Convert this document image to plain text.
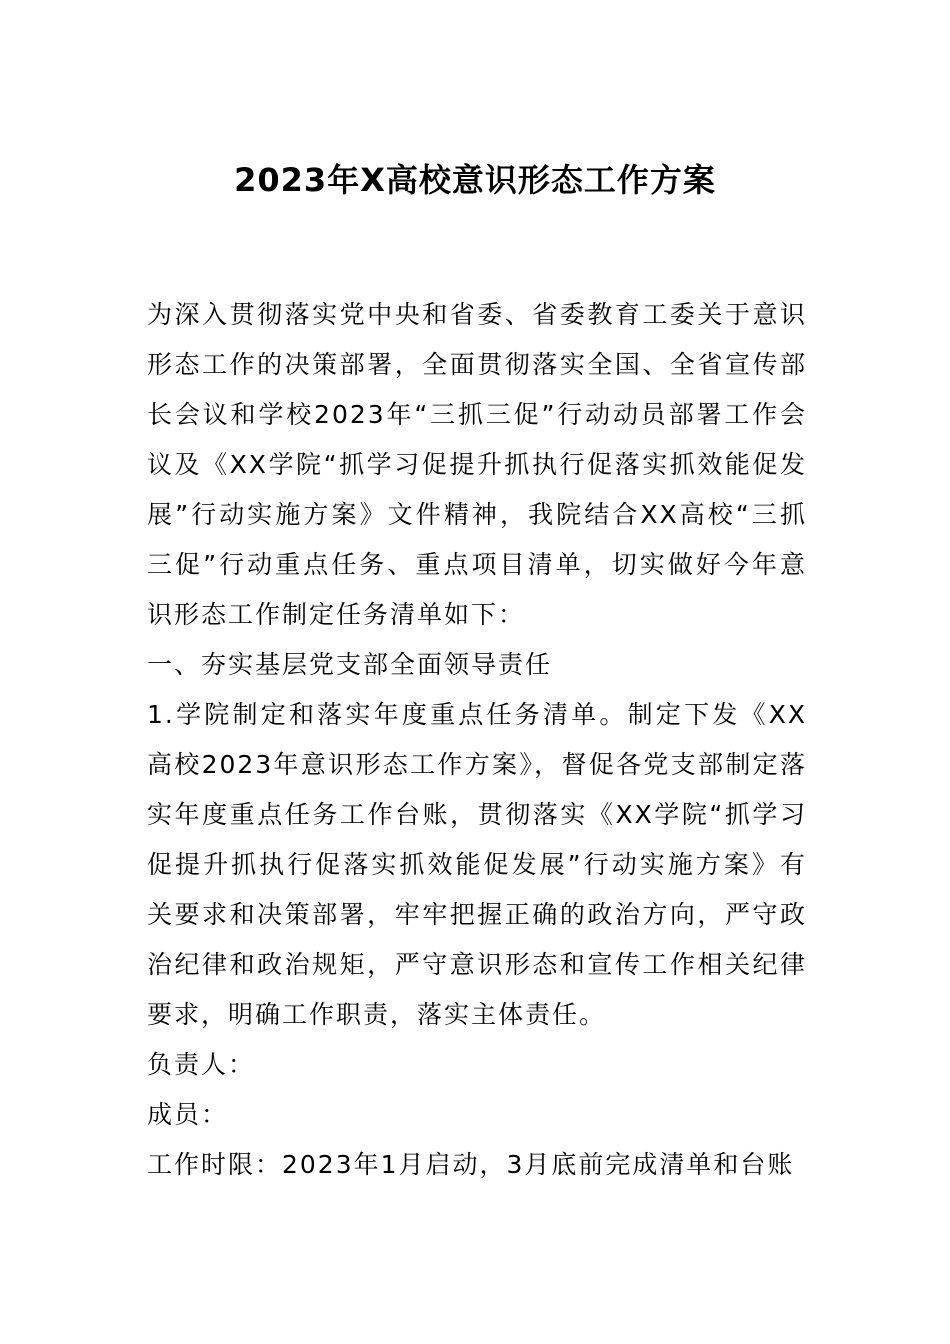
2023年X高校意识形态工作方案

为深入贯彻落实党中央和省委、省委教育工委关于意识形态工作的决策部署，全面贯彻落实全国、全省宣传部长会议和学校2023年“三抓三促”行动动员部署工作会议及《XX学院“抓学习促提升抓执行促落实抓效能促发展”行动实施方案》文件精神，我院结合XX高校“三抓三促”行动重点任务、重点项目清单，切实做好今年意识形态工作制定任务清单如下：

一、夯实基层党支部全面领导责任

1.学院制定和落实年度重点任务清单。制定下发《XX高校2023年意识形态工作方案》，督促各党支部制定落实年度重点任务工作台账，贯彻落实《XX学院“抓学习促提升抓执行促落实抓效能促发展”行动实施方案》有关要求和决策部署，牢牢把握正确的政治方向，严守政治纪律和政治规矩，严守意识形态和宣传工作相关纪律要求，明确工作职责，落实主体责任。

负责人：

成员：

工作时限：2023年1月启动，3月底前完成清单和台账
